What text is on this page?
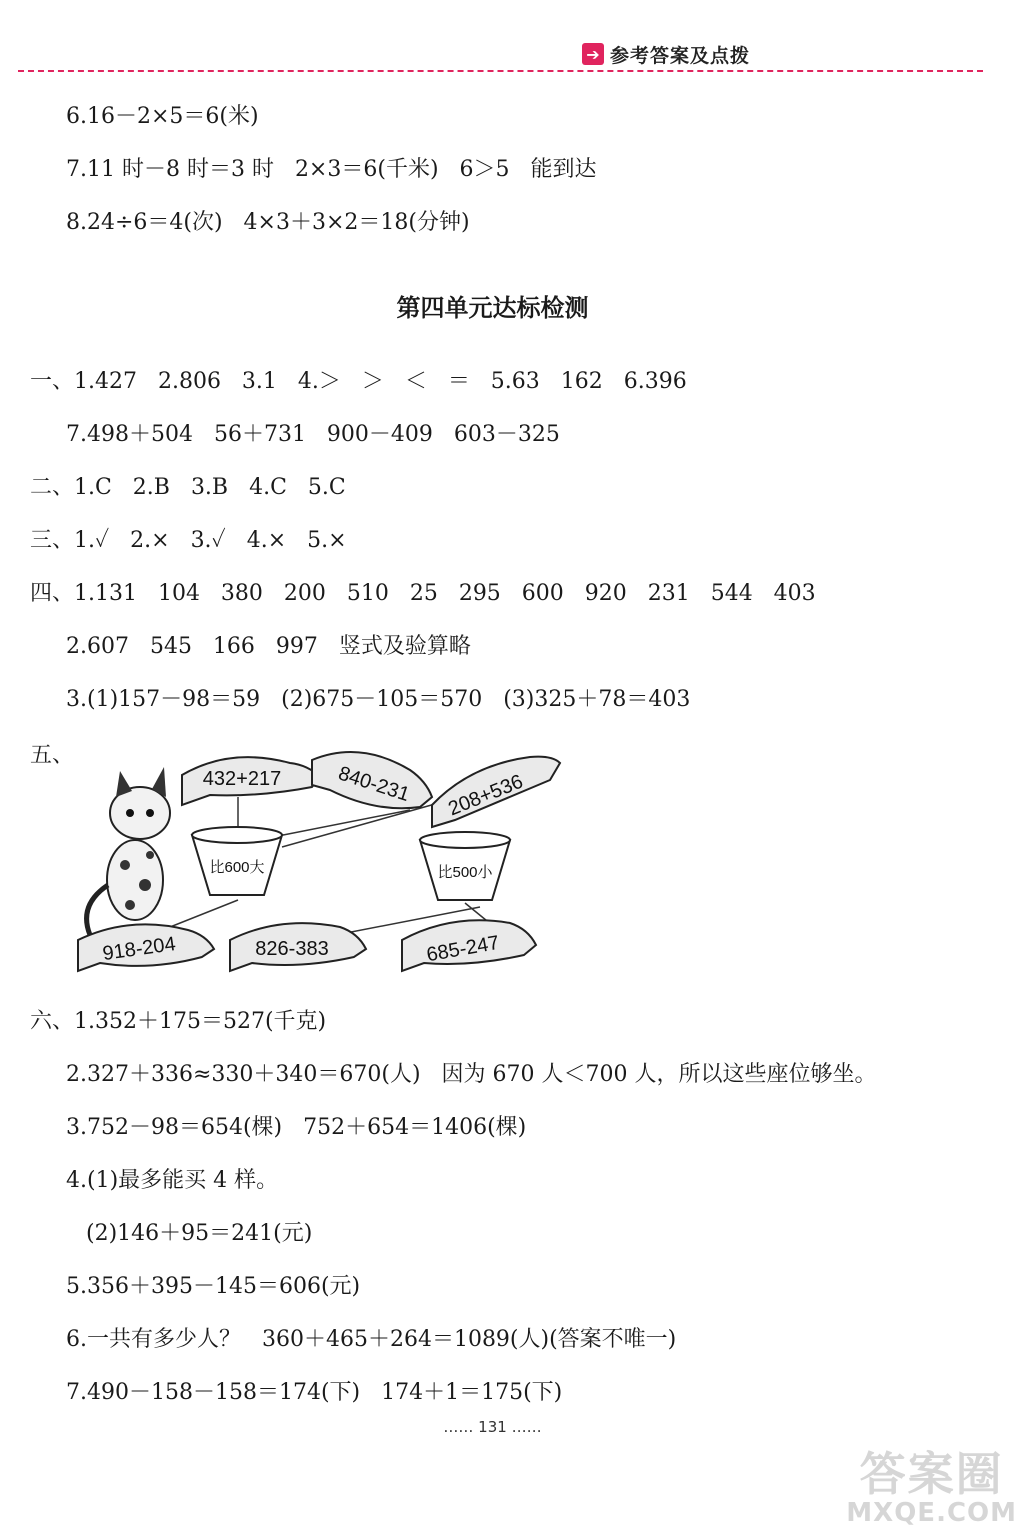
➔ 参考答案及点拨
6.16－2×5＝6(米)
7.11 时－8 时＝3 时   2×3＝6(千米)   6＞5   能到达
8.24÷6＝4(次)   4×3＋3×2＝18(分钟)
第四单元达标检测
一、1.427   2.806   3.1   4.＞   ＞   ＜   ＝   5.63   162   6.396
7.498＋504   56＋731   900－409   603－325
二、1.C   2.B   3.B   4.C   5.C
三、1.✓   2.×   3.✓   4.×   5.×
四、1.131   104   380   200   510   25   295   600   920   231   544   403
2.607   545   166   997   竖式及验算略
3.(1)157－98＝59   (2)675－105＝570   (3)325＋78＝403
五、
比600大	比500小
432+217	840-231 208+536
918-204	826-383	685-247
六、1.352＋175＝527(千克)
2.327＋336≈330＋340＝670(人)   因为 670 人＜700 人，所以这些座位够坐。
3.752－98＝654(棵)   752＋654＝1406(棵)
4.(1)最多能买 4 样。
(2)146＋95＝241(元)
5.356＋395－145＝606(元)
6.一共有多少人？   360＋465＋264＝1089(人)(答案不唯一)
7.490－158－158＝174(下)   174＋1＝175(下)
…… 131 ……
答案圈
MXQE.COM
